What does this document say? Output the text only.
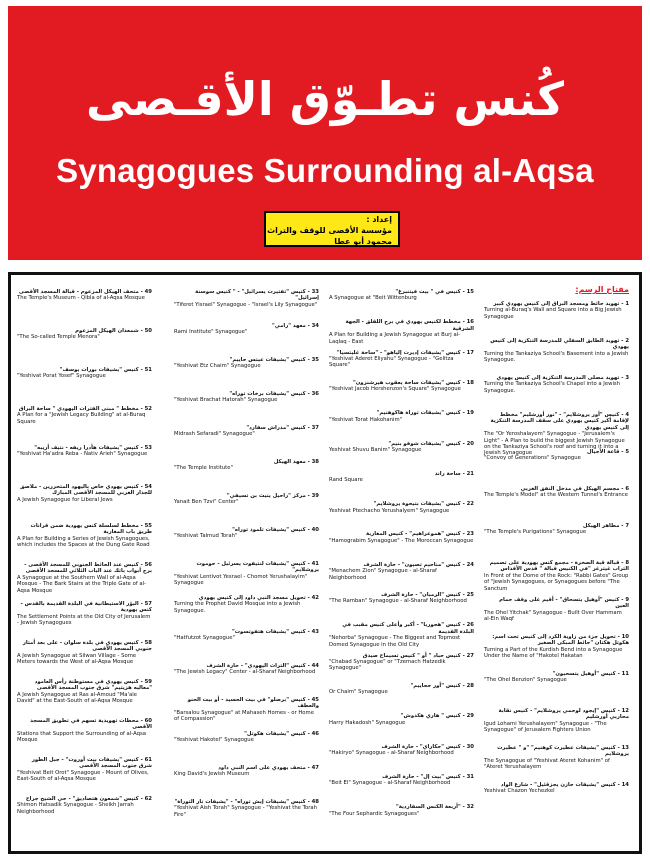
كُنس تطـوّق الأقـصى
Synagogues Surrounding al-Aqsa
إعداد :
مؤسسة الأقصى للوقف والتراث
محمود أبو عطا
49 - متحف الهيكل المزعوم - قبالة المسجد الأقصى
The Temple's Museum - Qibla of al-Aqsa Mosque
50 - شمعدان الهيكل المزعوم
"The So-called Temple Menora"
51 - كنيس "يشيفات بورات يوسف"
"Yeshivat Porat Yosef" Synagogue
52 - مخطط " مبنى الفترات اليهودي " ساحة البراق
A Plan for a "Jewish Legacy Building" at al-Buraq Square
53 - كنيس "يشيفات هأدرا ريفه - نتيف أريبه"
"Yeshivat Ha'adra Reba - Nativ Arieh" Synagogue
54 - كنيس يهودي خاص باليهود المتحررين - ملاصق للجدار الغربي للمسجد الأقصى المبارك
A Jewish Synagogue for Liberal Jews
55 - مخطط لسلسلة كنس يهودية ضمن قرانات طريق باب المغاربة
A Plan for Building a Series of Jewish Synagogues, which includes the Spaces at the Dung Gate Road
56 - كنيس عند الحائط الجنوبي للمسجد الأقصى - برج أبواب باتك عند الباب الثلاثي للمسجد الأقصى
A Synagogue at the Southern Wall of al-Aqsa Mosque - The Bark Stairs at the Triple Gate of al-Aqsa Mosque
57 - البؤر الاستيطانية في البلدة القديمة بالقدس - كنس يهودية
The Settlement Points at the Old City of Jerusalem - Jewish Synagogues
58 - كنيس يهودي في بلدة سلوان - على بعد أمتار جنوبي المسجد الأقصى
A Jewish Synagogue at Silwan Village - Some Meters towards the West of al-Aqsa Mosque
59 - كنيس يهودي في مستوطنة رأس العامود "معاليه هزيتيم" شرق جنوب المسجد الأقصى
A Jewish Synagogue at Ras al-Amoud "Ma'ale David" at the East-South of al-Aqsa Mosque
60 - محطات تهويدية تسهم في تطويق المسجد الأقصى
Stations that Support the Surrounding of al-Aqsa Mosque
61 - كنيس "يشيفات بيت أوروت" - جبل الطور شرق جنوب المسجد الأقصى
"Yeshivat Beit Orot" Synagogue - Mount of Olives, East-South of al-Aqsa Mosque
62 - كنيس "شمعون هتصاديق" - حي الشيخ جراح
Shimon Hatsadik Synagogue - Sheikh Jarrah Neighborhood
33 - كنيس "تفتيرت يسرائيل" - " كنيس سوسنة إسرائيل"
"Tiferet Yisrael" Synagogue - "Israel's Lily Synagogue"
34 - معهد "رامي"
Rami Institute" Synagogue"
35 - كنيس "يشيفات عيتس حاييم"
"Yeshivat Etz Chaim" Synagogue
36 - كنيس "يشيفات برخات توراه"
"Yeshivat Brachat Hatorah" Synagogue
37 - كنيس "مدراش سفارد"
Midrash Sefaradi" Synagogue"
38 - معهد الهيكل
"The Temple Institute"
39 - مركز "راحيل ينيث بن تسيفي"
Yanait Ben Tzvi" Center"
40 - كنيس "يشيفات تلموذ توراه"
"Yeshivat Talmud Torah"
41 - كنيس "يشيفات لنتيفوت يسرئيل - حوموت يروشلايم"
"Yeshivat Lentivot Yesrael - Chomot Yerushalayim" Synagogue
42 - تحويل مسجد النبي داود إلى كنيس يهودي
Turning the Prophet David Mosque into a Jewish Synagogue.
43 - كنيس "يشيفات هتفوتسوت"
"Hatfutzot Synagogue"
44 - كنيس "التراث اليهودي" - حارة الشرف
"The Jewish Legacy" Center - al-Sharaf Neighborhood
45 - كنيس "برصلو" في بيت الحسيد - أو بيت الحنو والعطف
"Barsalou Synagogue" at Mahaseh Homes - or Home of Compassion"
46 - كنيس "يشيفات هكوتل"
"Yeshivat Hakotel" Synagogue
47 - متحف يهودي على اسم النبي داود
King David's Jewish Museum
48 - كنيس "يشيفات إيش توراه" - "يشيفات نار التوراة"
"Yeshivat Aish Torah" Synagogue - "Yeshivat the Torah Fire"
15 - كنيس في " بيت فيتنبرغ"
A Synagogue at "Beit Wittenburg
16 - مخطط لكنيس يهودي في برج اللقلق - الجهة الشرقية
A Plan for Building a Jewish Synagogue at Burj al-Laqlaq - East
17 - كنيس "يشيفات إديرت إلياهو" - "ساحة غليتسيا"
"Yeshivat Aderet Eliyahu" Synagogue - "Gelitza Square"
18 - كنيس "يشيفات ساحة يعقوب هيرشنزون"
"Yeshivat Jacob Hershenzon's Square" Synagogue
19 - كنيس "يشيفات توراة هاكوهنيم"
"Yeshivat Torat Hakohanim"
20 - كنيس "يشيفات شوفو بنيم"
Yeshivat Shuvu Banim" Synagogue
21 - ساحة راند
Rand Square
22 - كنيس "يشيفات بتيحوة يروشلايم"
Yeshivat Ptechacho Yerushalyem" Synagogue
23 - كنيس "هموعراهيم" - كنيس المغاربة
"Hamograbim Synagogue" - The Moroccan Synagogue
24 - كنيس "مناحيم تصيون" - حارة الشرف
"Menachem Zion" Synagogue - al-Sharaf Neighborhood
25 - كنيس "الرمبان" - حارة الشرف
"The Ramban" Synagogue - al-Sharaf Neighborhood
26 - كنيس "هحوربا" - أكبر وأعلى كنيس مقبب في البلدة القديمة
"Nehorba" Synagogue - The Biggest and Topmost Domed Synagogue in the Old City
27 - كنيس حباد " أو " كنيس تسيماح صيدق
"Chabad Synagogue" or "Tzemach Hatzedik Synagogue"
28 - كنيس "أور ححاييم"
Or Chaim" Synagogue
29 - كنيس " هاري هكدوش"
Harry Hakadosh" Synagogue
30 - كنيس "حكاراي" - حارة الشرف
"Hakiryo" Synagogue - al-Sharaf Neighborhood
31 - كنيس "بيت إل" - حارة الشرف
"Beit El" Synagogue - al-Sharaf Neighborhood
32 - "أربعة الكنس السفاردية"
"The Four Sephardic Synagogues"
مفتاح الرسم:
1 - تهويد حائط ومسجد البراق إلى كنيس يهودي كبير
Turning al-Buraq's Wall and Square into a Big Jewish Synagogue
2 - تهويد الطابق السفلي للمدرسة التنكزية إلى كنيس يهودي
Turning the Tankaziya School's Basement into a Jewish Synagogue.
3 - تهويد مصلى المدرسة التنكزية إلى كنيس يهودي
Turning the Tankaziya School's Chapel into a Jewish Synagogue.
4 - كنيس "أور يروشلايم" - "نور أورشليم" مخطط لإقامة أكبر كنيس يهودي على سقف المدرسة التنكزية إلى كنيس يهودي
The "Or Yeroshalayem" Synagogue - "Jerusalem's Light" - A Plan to build the biggest Jewish Synagogue on the Tankaziya School's roof and turning it into a Jewish Synagogue	5 - قاعة الأجيال
"Convoy of Generations" Synagogue
6 - مجسم الهيكل في مدخل النفق الغربي
The Temple's Model" at the Western Tunnel's Entrance
7 - مطاهر الهيكل
"The Temple's Purigations" Synagogue
8 - قبالة قبة الصخرة - مجمع كنس يهودية على تصميم التراب غيترغر "في الكنيس قبالة " قدس الأقداس
In Front of the Dome of the Rock: "Rabbi Gates" Group of "Jewish Synagogues, or Synagogues before "The Sanctum
9 - كنيس "أوهيل يتسحاق" - أقيم على وقف حمام العين
The Ohel Yitchak" Synagogue - Built Over Hammam al-Ein Waqf
10 - تحويل جزء من زاوية الكرد إلى كنيس تحت اسم: هكوتل هكتان "حائط المبكى الصغير
Turning a Part of the Kurdish Bend into a Synagogue Under the Name of "Hakotel Hakatan
11 - كنيس "أوهيل يتسحيون"
"The Ohel Benzion" Synagogue
12 - كنيس "إيجود لوحمي يروشلايم" - كنيس نقابة محاربي أورشليم
Igud Lohami Yerushalayem" Synagogue - "The Synagogue" of Jerusalem Fighters Union
13 - كنيس "يشيفات عطيرت كوهنيم" "و " عطيرت يروشلايم
The Synagogue of "Yeshivat Ateret Kohanim" of "Ateret Yerushalayem
14 - كنيس "يشيفات حازن يحزقئيل" - شارع الواد
Yeshivat Chazon Yechezkel
